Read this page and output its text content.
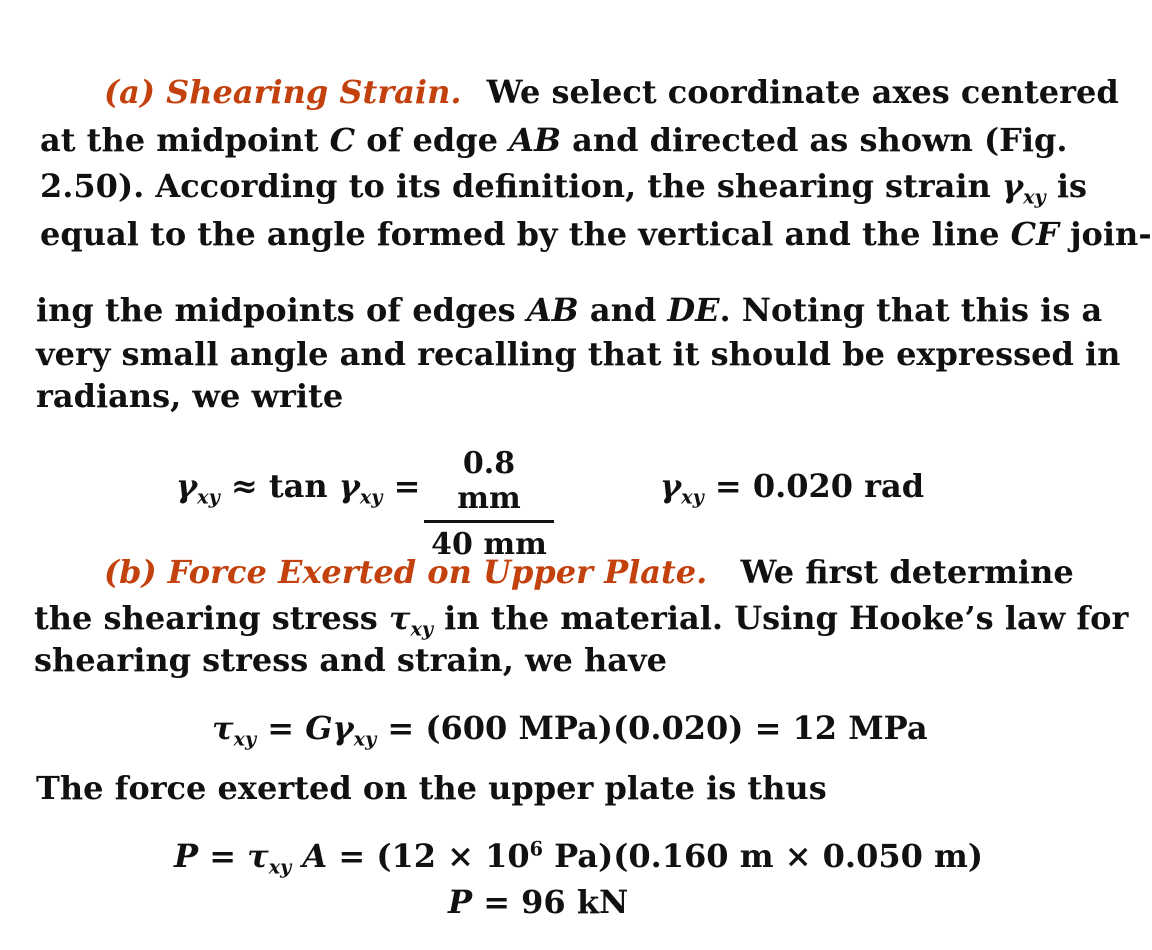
(a) Shearing Strain. We select coordinate axes centered
at the midpoint C of edge AB and directed as shown (Fig.
2.50). According to its definition, the shearing strain $\gamma_{xy}$ is
equal to the angle formed by the vertical and the line CF join-
ing the midpoints of edges AB and DE. Noting that this is a
very small angle and recalling that it should be expressed in
radians, we write
$\gamma_{xy} \approx \tan \gamma_{xy} = \frac{0.8 mm}{40 mm}$	$\gamma_{xy} = 0.020$ rad
(b) Force Exerted on Upper Plate. We first determine
the shearing stress $\tau_{xy}$ in the material. Using Hooke’s law for
shearing stress and strain, we have
$\tau_{xy} = G\gamma_{xy} = (600$ MPa)(0.020) = 12 MPa
The force exerted on the upper plate is thus
$P = \tau_{xy}$ $A = (12 \times 10^6$ Pa)(0.160 m × 0.050 m)
P = 96 kN
